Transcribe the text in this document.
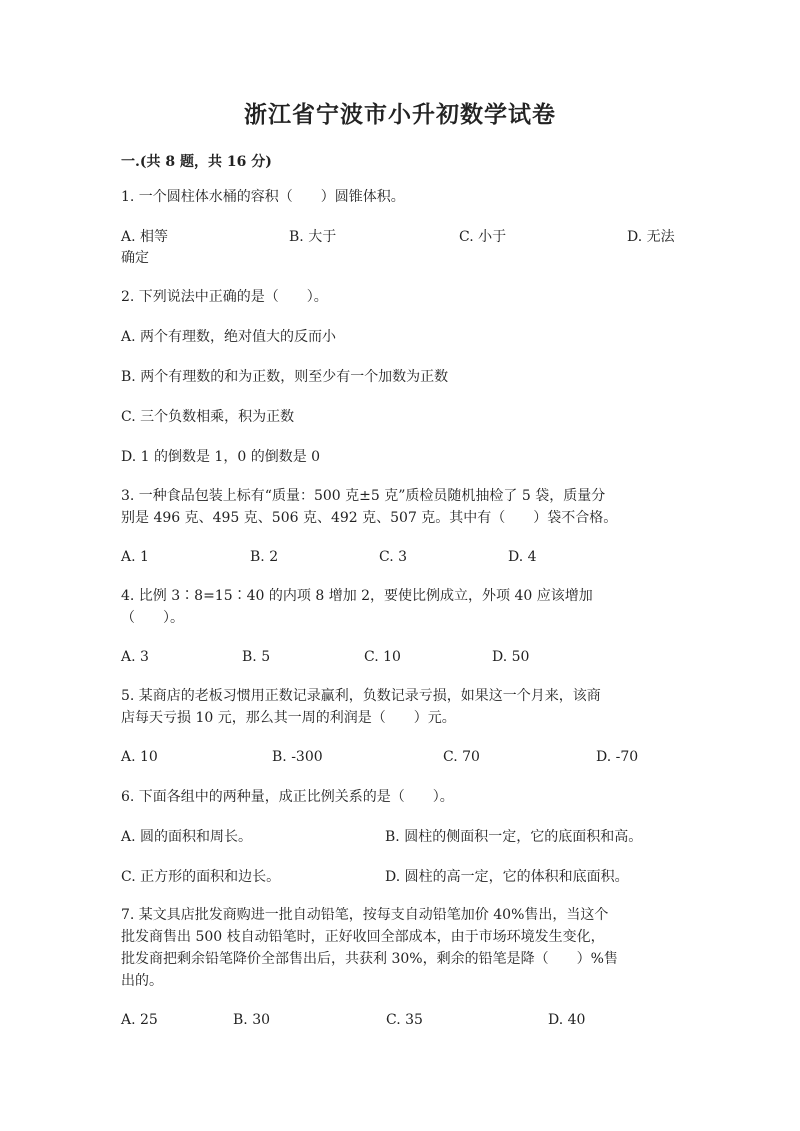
浙江省宁波市小升初数学试卷
一.(共 8 题，共 16 分)
1. 一个圆柱体水桶的容积（　　）圆锥体积。
A. 相等	B. 大于	C. 小于	D. 无法
确定
2. 下列说法中正确的是（　　）。
A. 两个有理数，绝对值大的反而小
B. 两个有理数的和为正数，则至少有一个加数为正数
C. 三个负数相乘，积为正数
D. 1 的倒数是 1，0 的倒数是 0
3. 一种食品包装上标有“质量：500 克±5 克”质检员随机抽检了 5 袋，质量分
别是 496 克、495 克、506 克、492 克、507 克。其中有（　　）袋不合格。
A. 1	B. 2	C. 3	D. 4
4. 比例 3∶8=15∶40 的内项 8 增加 2，要使比例成立，外项 40 应该增加
（　　）。
A. 3	B. 5	C. 10	D. 50
5. 某商店的老板习惯用正数记录赢利，负数记录亏损，如果这一个月来，该商
店每天亏损 10 元，那么其一周的利润是（　　）元。
A. 10	B. -300	C. 70	D. -70
6. 下面各组中的两种量，成正比例关系的是（　　）。
A. 圆的面积和周长。	B. 圆柱的侧面积一定，它的底面积和高。
C. 正方形的面积和边长。	D. 圆柱的高一定，它的体积和底面积。
7. 某文具店批发商购进一批自动铅笔，按每支自动铅笔加价 40%售出，当这个
批发商售出 500 枝自动铅笔时，正好收回全部成本，由于市场环境发生变化，
批发商把剩余铅笔降价全部售出后，共获利 30%，剩余的铅笔是降（　　）%售
出的。
A. 25	B. 30	C. 35	D. 40
